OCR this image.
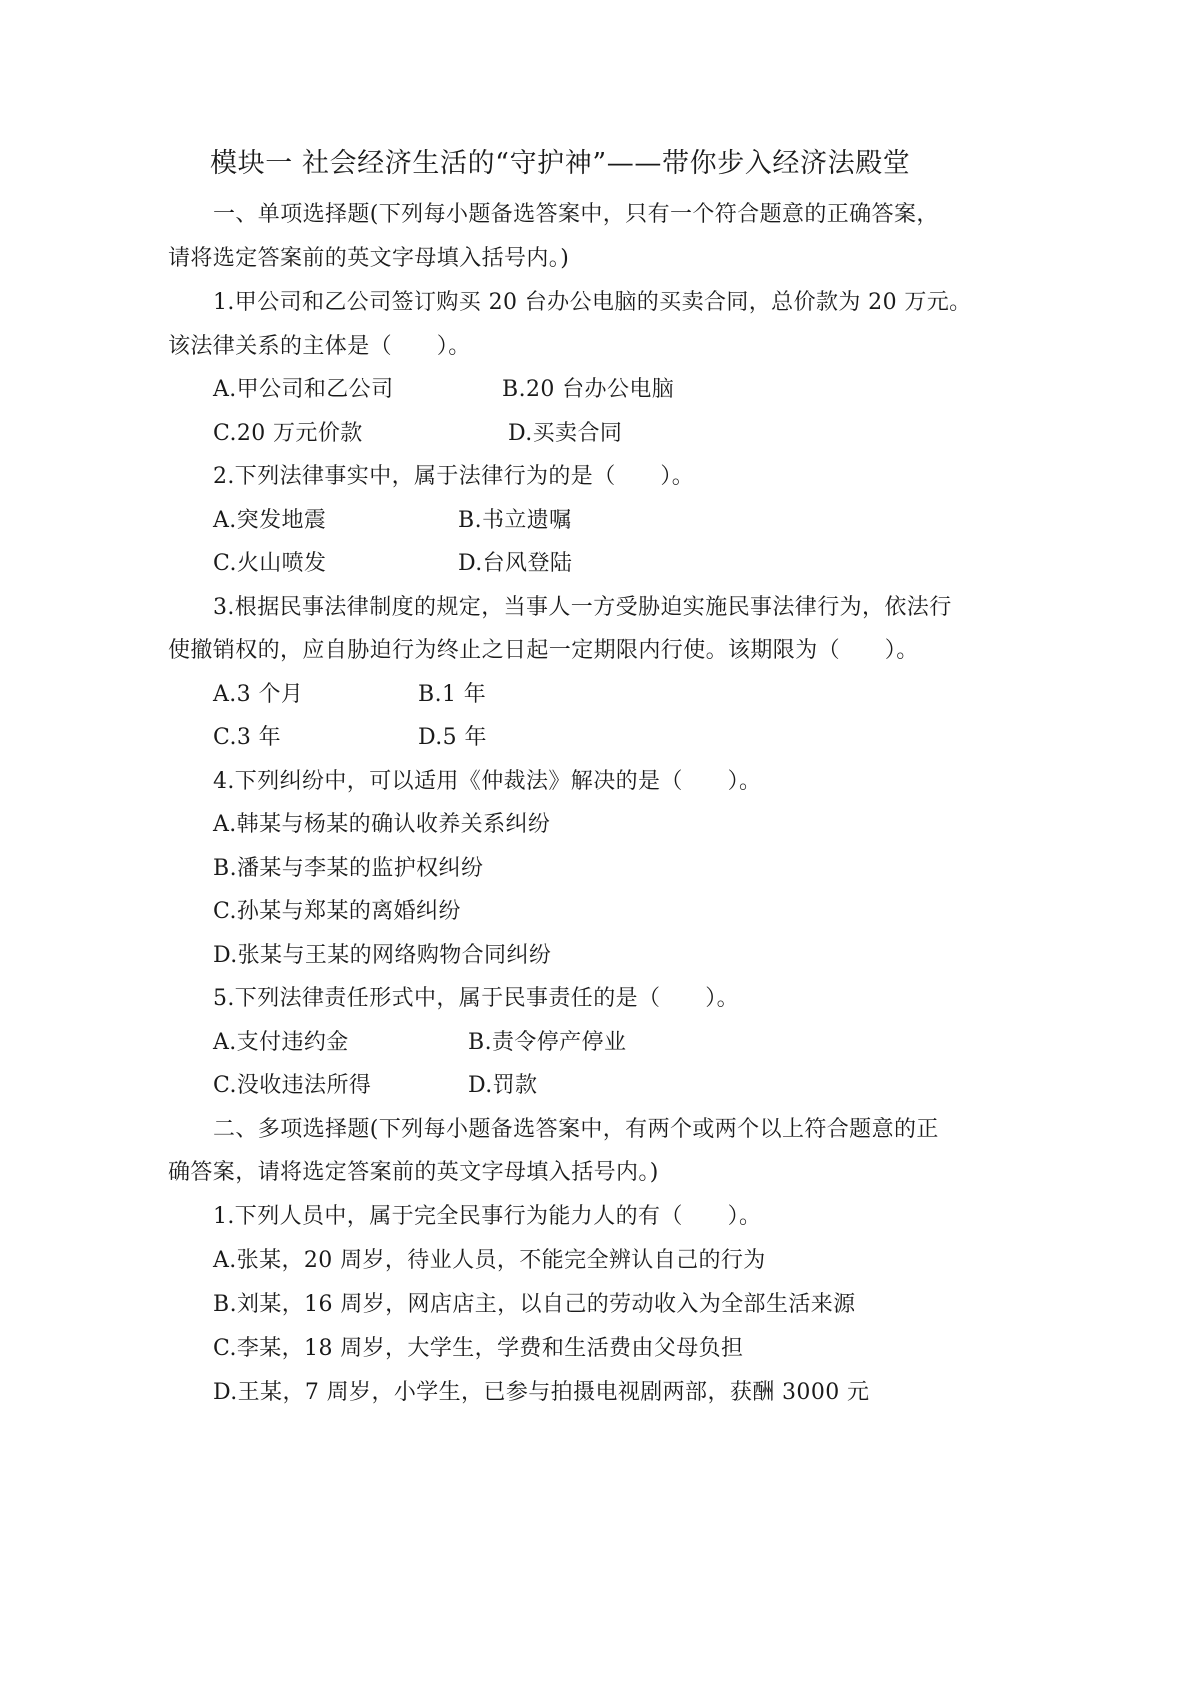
模块一 社会经济生活的“守护神”——带你步入经济法殿堂
一、单项选择题(下列每小题备选答案中，只有一个符合题意的正确答案，
请将选定答案前的英文字母填入括号内。)
1.甲公司和乙公司签订购买 20 台办公电脑的买卖合同，总价款为 20 万元。
该法律关系的主体是（　　）。
A.甲公司和乙公司	B.20 台办公电脑
C.20 万元价款	D.买卖合同
2.下列法律事实中，属于法律行为的是（　　）。
A.突发地震	B.书立遗嘱
C.火山喷发	D.台风登陆
3.根据民事法律制度的规定，当事人一方受胁迫实施民事法律行为，依法行
使撤销权的，应自胁迫行为终止之日起一定期限内行使。该期限为（　　）。
A.3 个月	B.1 年
C.3 年	D.5 年
4.下列纠纷中，可以适用《仲裁法》解决的是（　　）。
A.韩某与杨某的确认收养关系纠纷
B.潘某与李某的监护权纠纷
C.孙某与郑某的离婚纠纷
D.张某与王某的网络购物合同纠纷
5.下列法律责任形式中，属于民事责任的是（　　）。
A.支付违约金	B.责令停产停业
C.没收违法所得	D.罚款
二、多项选择题(下列每小题备选答案中，有两个或两个以上符合题意的正
确答案，请将选定答案前的英文字母填入括号内。)
1.下列人员中，属于完全民事行为能力人的有（　　）。
A.张某，20 周岁，待业人员，不能完全辨认自己的行为
B.刘某，16 周岁，网店店主，以自己的劳动收入为全部生活来源
C.李某，18 周岁，大学生，学费和生活费由父母负担
D.王某，7 周岁，小学生，已参与拍摄电视剧两部，获酬 3000 元
